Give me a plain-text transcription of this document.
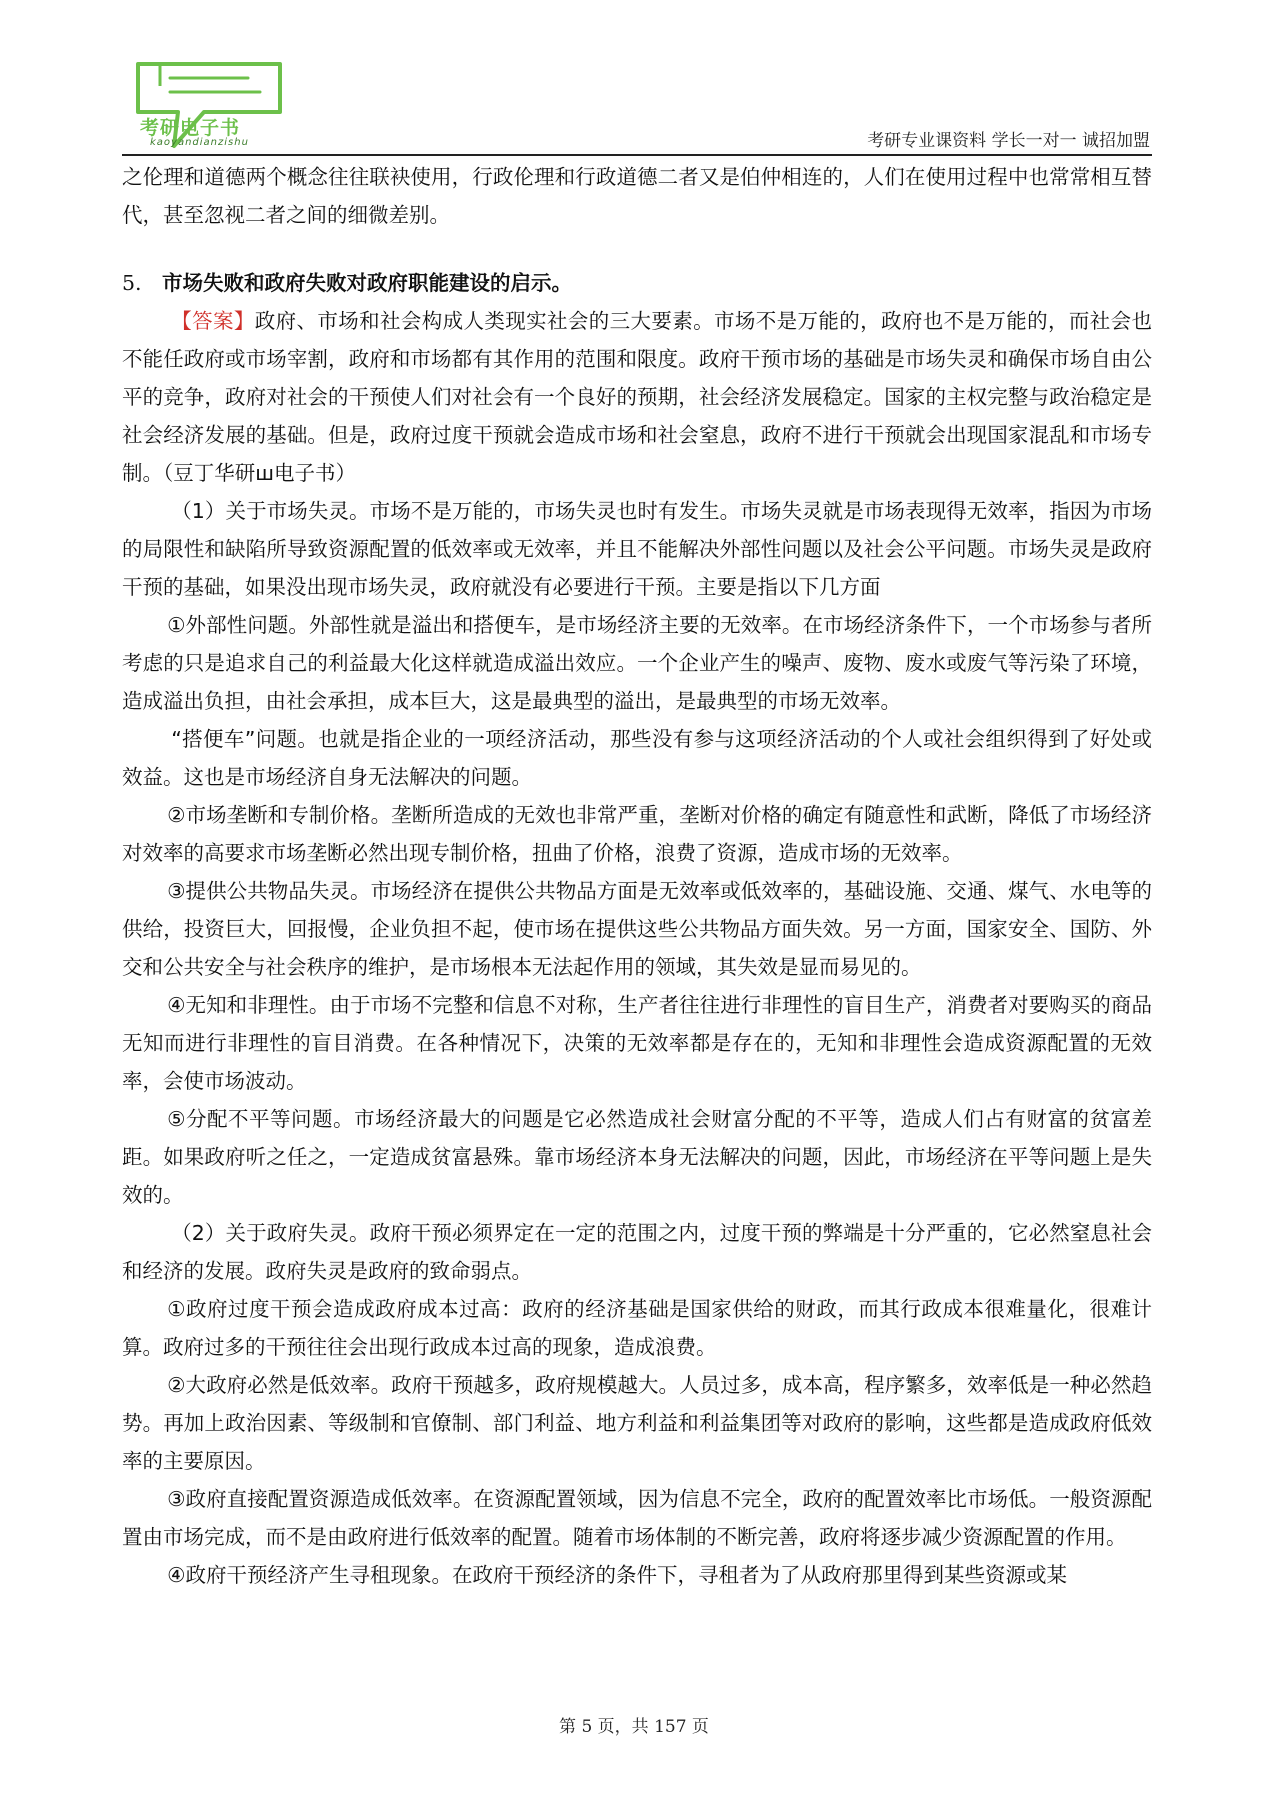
考研电子书
kaoyandianzishu	考研专业课资料 学长一对一 诚招加盟

之伦理和道德两个概念往往联袂使用，行政伦理和行政道德二者又是伯仲相连的，人们在使用过程中也常常相互替代，甚至忽视二者之间的细微差别。

5. 市场失败和政府失败对政府职能建设的启示。

【答案】政府、市场和社会构成人类现实社会的三大要素。市场不是万能的，政府也不是万能的，而社会也不能任政府或市场宰割，政府和市场都有其作用的范围和限度。政府干预市场的基础是市场失灵和确保市场自由公平的竞争，政府对社会的干预使人们对社会有一个良好的预期，社会经济发展稳定。国家的主权完整与政治稳定是社会经济发展的基础。但是，政府过度干预就会造成市场和社会窒息，政府不进行干预就会出现国家混乱和市场专制。（豆丁华研ш电子书）

（1）关于市场失灵。市场不是万能的，市场失灵也时有发生。市场失灵就是市场表现得无效率，指因为市场的局限性和缺陷所导致资源配置的低效率或无效率，并且不能解决外部性问题以及社会公平问题。市场失灵是政府干预的基础，如果没出现市场失灵，政府就没有必要进行干预。主要是指以下几方面

①外部性问题。外部性就是溢出和搭便车，是市场经济主要的无效率。在市场经济条件下，一个市场参与者所考虑的只是追求自己的利益最大化这样就造成溢出效应。一个企业产生的噪声、废物、废水或废气等污染了环境，造成溢出负担，由社会承担，成本巨大，这是最典型的溢出，是最典型的市场无效率。

“搭便车”问题。也就是指企业的一项经济活动，那些没有参与这项经济活动的个人或社会组织得到了好处或效益。这也是市场经济自身无法解决的问题。

②市场垄断和专制价格。垄断所造成的无效也非常严重，垄断对价格的确定有随意性和武断，降低了市场经济对效率的高要求市场垄断必然出现专制价格，扭曲了价格，浪费了资源，造成市场的无效率。

③提供公共物品失灵。市场经济在提供公共物品方面是无效率或低效率的，基础设施、交通、煤气、水电等的供给，投资巨大，回报慢，企业负担不起，使市场在提供这些公共物品方面失效。另一方面，国家安全、国防、外交和公共安全与社会秩序的维护，是市场根本无法起作用的领域，其失效是显而易见的。

④无知和非理性。由于市场不完整和信息不对称，生产者往往进行非理性的盲目生产，消费者对要购买的商品无知而进行非理性的盲目消费。在各种情况下，决策的无效率都是存在的，无知和非理性会造成资源配置的无效率，会使市场波动。

⑤分配不平等问题。市场经济最大的问题是它必然造成社会财富分配的不平等，造成人们占有财富的贫富差距。如果政府听之任之，一定造成贫富悬殊。靠市场经济本身无法解决的问题，因此，市场经济在平等问题上是失效的。

（2）关于政府失灵。政府干预必须界定在一定的范围之内，过度干预的弊端是十分严重的，它必然窒息社会和经济的发展。政府失灵是政府的致命弱点。

①政府过度干预会造成政府成本过高：政府的经济基础是国家供给的财政，而其行政成本很难量化，很难计算。政府过多的干预往往会出现行政成本过高的现象，造成浪费。

②大政府必然是低效率。政府干预越多，政府规模越大。人员过多，成本高，程序繁多，效率低是一种必然趋势。再加上政治因素、等级制和官僚制、部门利益、地方利益和利益集团等对政府的影响，这些都是造成政府低效率的主要原因。

③政府直接配置资源造成低效率。在资源配置领域，因为信息不完全，政府的配置效率比市场低。一般资源配置由市场完成，而不是由政府进行低效率的配置。随着市场体制的不断完善，政府将逐步减少资源配置的作用。

④政府干预经济产生寻租现象。在政府干预经济的条件下，寻租者为了从政府那里得到某些资源或某

第 5 页，共 157 页
